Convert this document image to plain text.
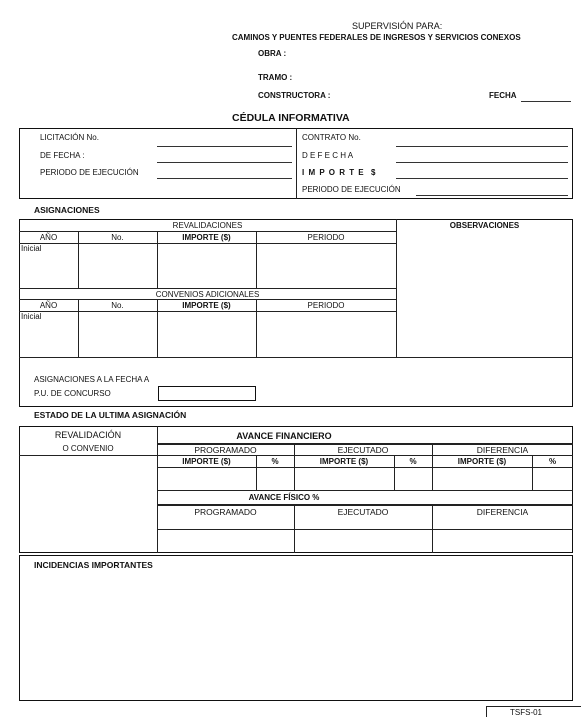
SUPERVISIÓN PARA:
CAMINOS Y PUENTES FEDERALES DE INGRESOS Y SERVICIOS CONEXOS
OBRA :
TRAMO :
CONSTRUCTORA :	FECHA
CÉDULA INFORMATIVA
LICITACIÓN No.
DE FECHA :
PERIODO DE EJECUCIÓN
CONTRATO No.
D E F E C H A
I M P O R T E $
PERIODO DE EJECUCIÓN
ASIGNACIONES
REVALIDACIONES	OBSERVACIONES
AÑO	No.	IMPORTE ($)	PERIODO
Inicial
CONVENIOS ADICIONALES
AÑO	No.	IMPORTE ($)	PERIODO
Inicial
ASIGNACIONES A LA FECHA A
P.U. DE CONCURSO
ESTADO DE LA ULTIMA ASIGNACIÓN
REVALIDACIÓN
O CONVENIO
AVANCE FINANCIERO
PROGRAMADO	EJECUTADO	DIFERENCIA
IMPORTE ($)	%	IMPORTE ($)	%	IMPORTE ($)	%
AVANCE FÍSICO %
PROGRAMADO	EJECUTADO	DIFERENCIA
INCIDENCIAS IMPORTANTES
TSFS-01
